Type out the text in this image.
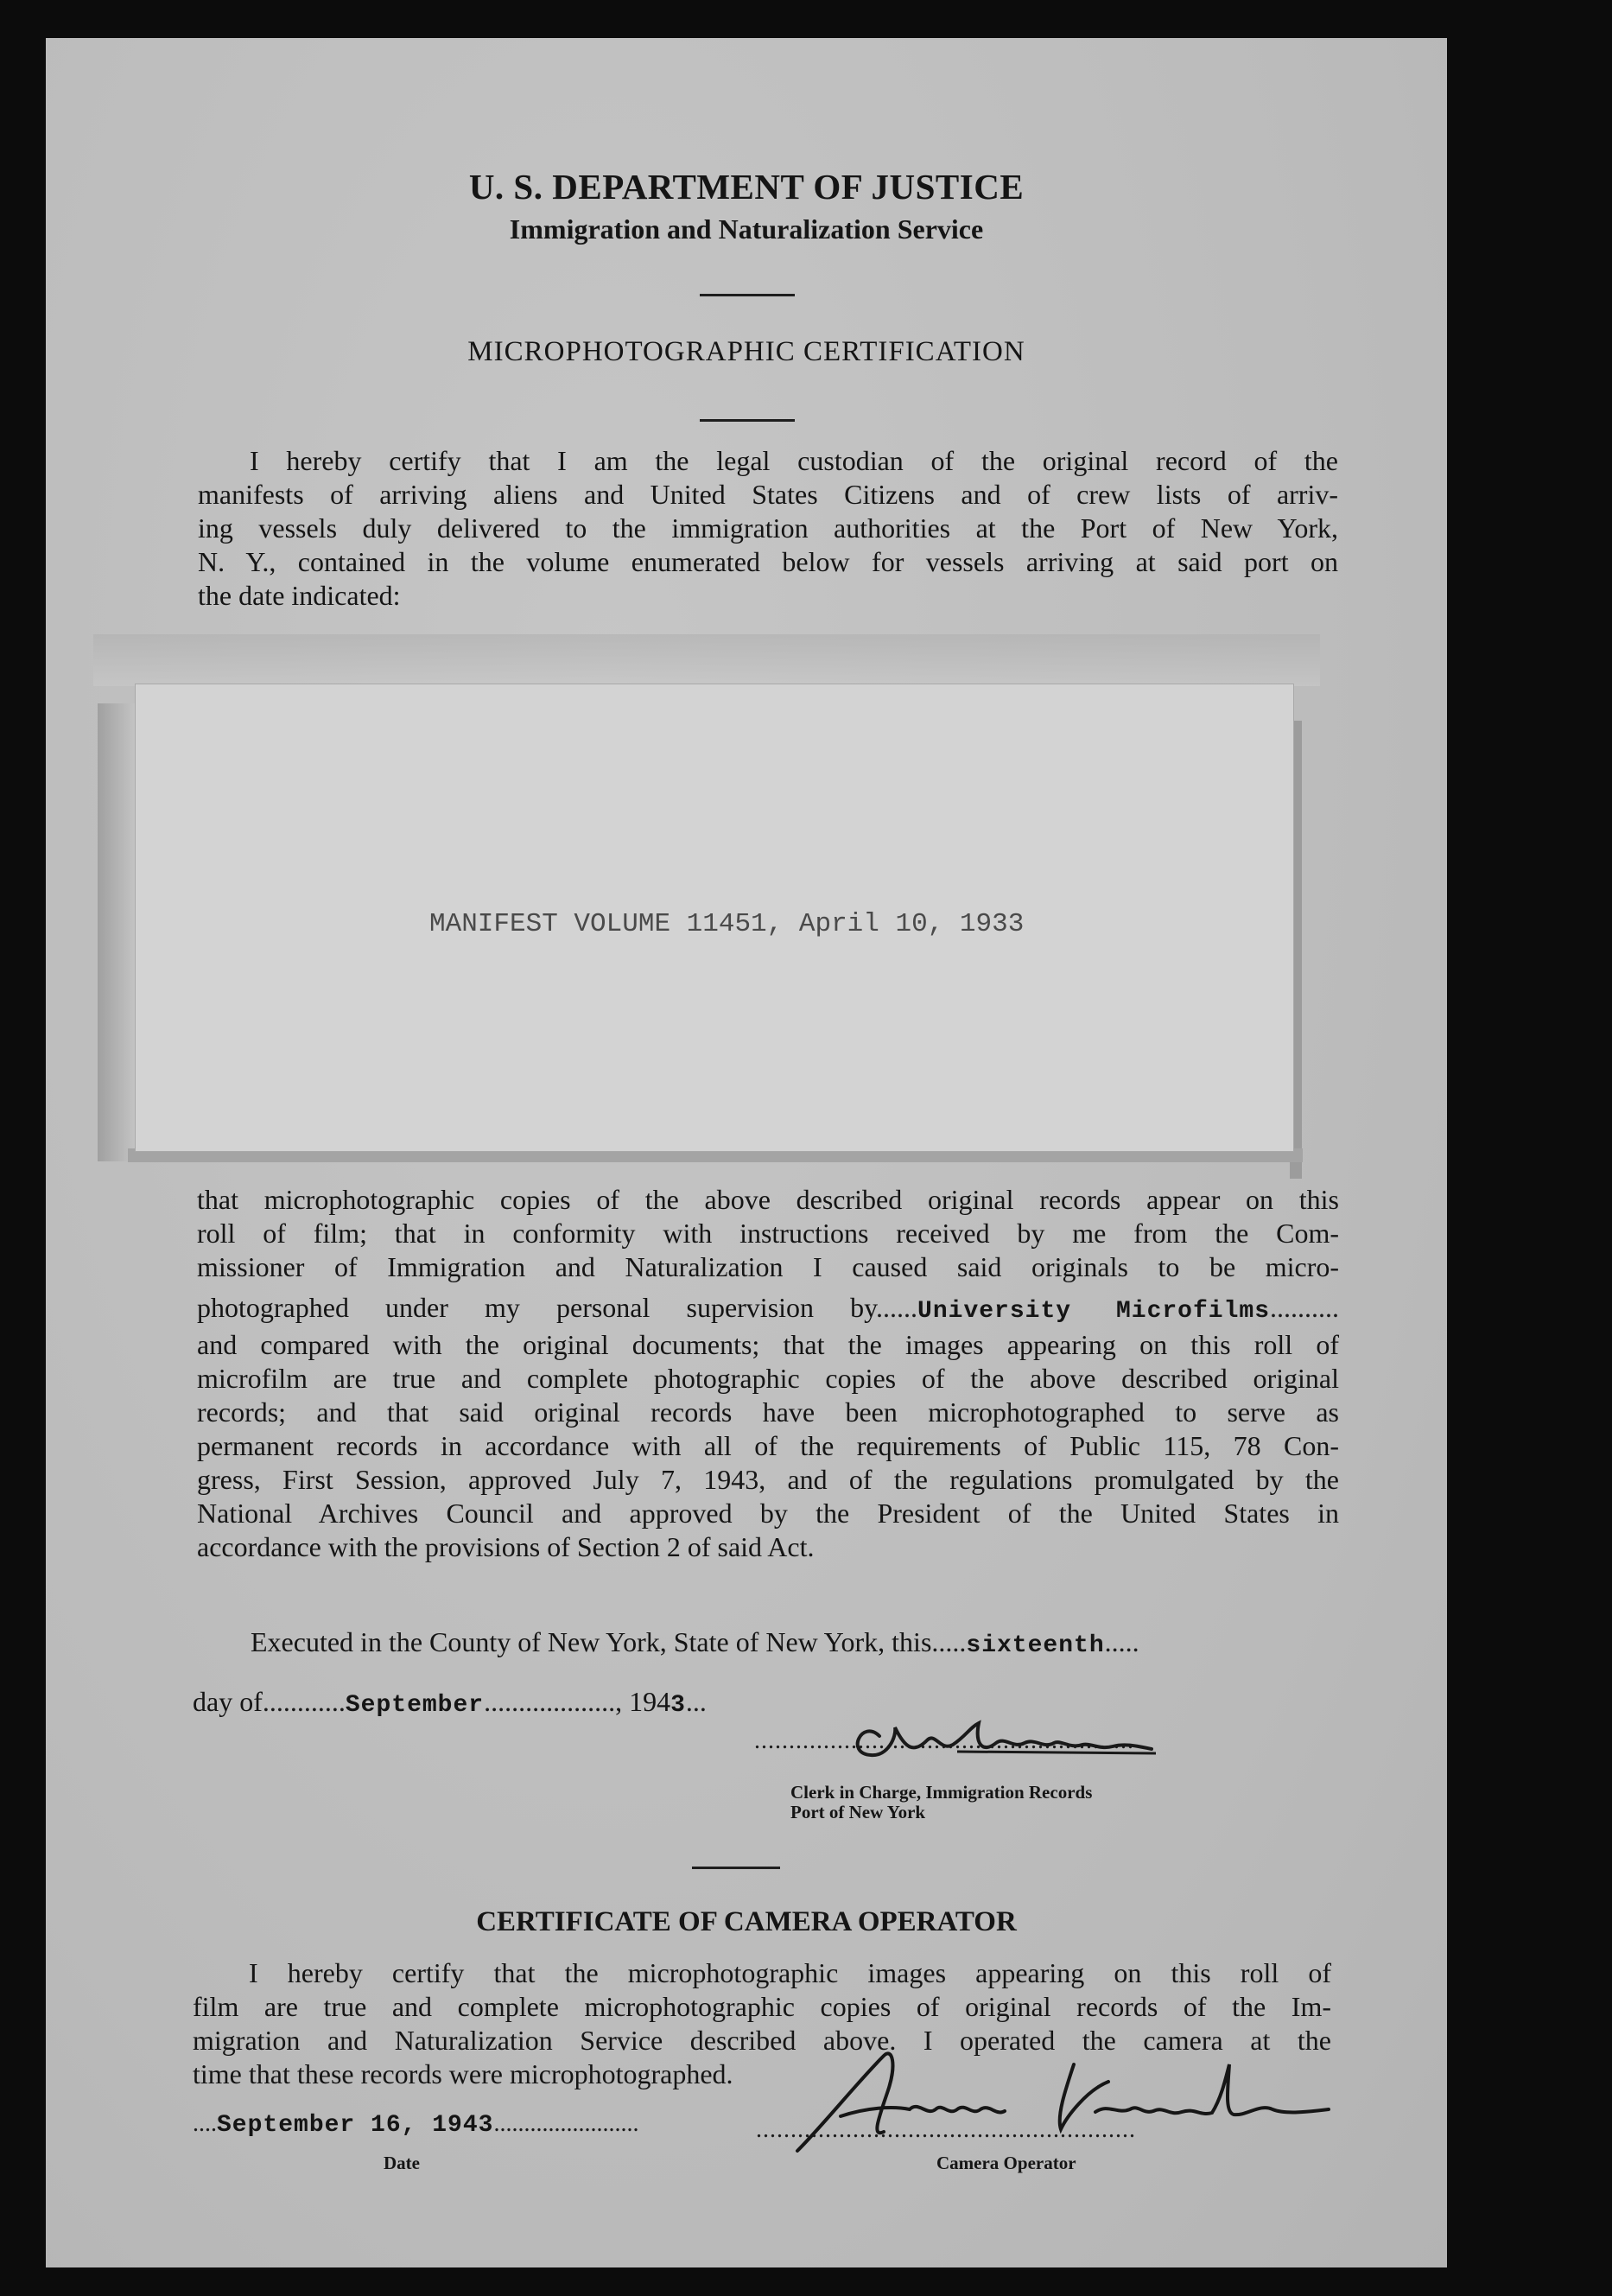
U. S. DEPARTMENT OF JUSTICE
Immigration and Naturalization Service
MICROPHOTOGRAPHIC CERTIFICATION
I hereby certify that I am the legal custodian of the original record of the
manifests of arriving aliens and United States Citizens and of crew lists of arriv-
ing vessels duly delivered to the immigration authorities at the Port of New York,
N. Y., contained in the volume enumerated below for vessels arriving at said port on
the date indicated:
MANIFEST VOLUME 11451, April 10, 1933
that microphotographic copies of the above described original records appear on this
roll of film; that in conformity with instructions received by me from the Com-
missioner of Immigration and Naturalization I caused said originals to be micro-
photographed under my personal supervision by......University Microfilms..........
and compared with the original documents; that the images appearing on this roll of
microfilm are true and complete photographic copies of the above described original
records; and that said original records have been microphotographed to serve as
permanent records in accordance with all of the requirements of Public 115, 78 Con-
gress, First Session, approved July 7, 1943, and of the regulations promulgated by the
National Archives Council and approved by the President of the United States in
accordance with the provisions of Section 2 of said Act.
Executed in the County of New York, State of New York, this.....sixteenth.....
day of............September..................., 1943...
.......................................................
Clerk in Charge, Immigration Records
Port of New York
CERTIFICATE OF CAMERA OPERATOR
I hereby certify that the microphotographic images appearing on this roll of
film are true and complete microphotographic copies of original records of the Im-
migration and Naturalization Service described above. I operated the camera at the
time that these records were microphotographed.
....September 16, 1943........................
Date
.......................................................
Camera Operator
